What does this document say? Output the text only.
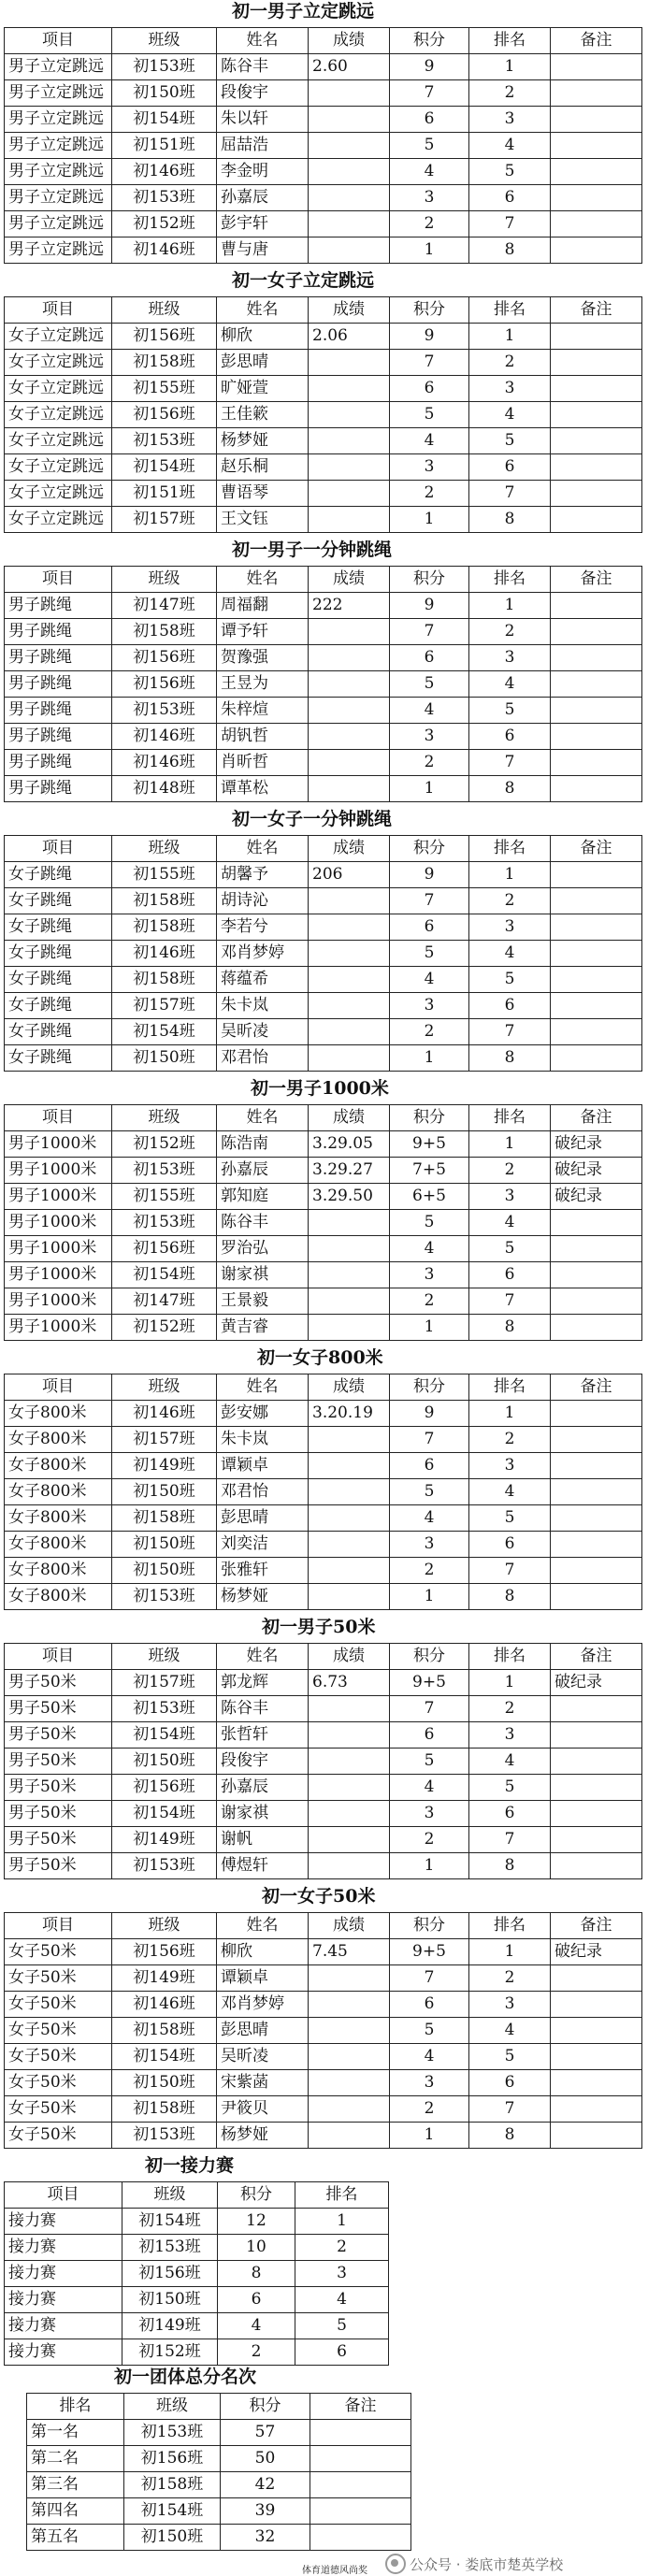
初一男子立定跳远
项目	班级	姓名	成绩	积分	排名	备注
男子立定跳远	初153班	陈谷丰	2.60	9	1	
男子立定跳远	初150班	段俊宇		7	2	
男子立定跳远	初154班	朱以轩		6	3	
男子立定跳远	初151班	屈喆浩		5	4	
男子立定跳远	初146班	李金明		4	5	
男子立定跳远	初153班	孙嘉辰		3	6	
男子立定跳远	初152班	彭宇轩		2	7	
男子立定跳远	初146班	曹与唐		1	8	
初一女子立定跳远
项目	班级	姓名	成绩	积分	排名	备注
女子立定跳远	初156班	柳欣	2.06	9	1	
女子立定跳远	初158班	彭思晴		7	2	
女子立定跳远	初155班	旷娅萱		6	3	
女子立定跳远	初156班	王佳簌		5	4	
女子立定跳远	初153班	杨梦娅		4	5	
女子立定跳远	初154班	赵乐桐		3	6	
女子立定跳远	初151班	曹语琴		2	7	
女子立定跳远	初157班	王文钰		1	8	
初一男子一分钟跳绳
项目	班级	姓名	成绩	积分	排名	备注
男子跳绳	初147班	周福翻	222	9	1	
男子跳绳	初158班	谭予轩		7	2	
男子跳绳	初156班	贺豫强		6	3	
男子跳绳	初156班	王昱为		5	4	
男子跳绳	初153班	朱梓煊		4	5	
男子跳绳	初146班	胡钒哲		3	6	
男子跳绳	初146班	肖昕哲		2	7	
男子跳绳	初148班	谭革松		1	8	
初一女子一分钟跳绳
项目	班级	姓名	成绩	积分	排名	备注
女子跳绳	初155班	胡馨予	206	9	1	
女子跳绳	初158班	胡诗沁		7	2	
女子跳绳	初158班	李若兮		6	3	
女子跳绳	初146班	邓肖梦婷		5	4	
女子跳绳	初158班	蒋蕴希		4	5	
女子跳绳	初157班	朱卡岚		3	6	
女子跳绳	初154班	吴昕凌		2	7	
女子跳绳	初150班	邓君怡		1	8	
初一男子1000米
项目	班级	姓名	成绩	积分	排名	备注
男子1000米	初152班	陈浩南	3.29.05	9+5	1	破纪录
男子1000米	初153班	孙嘉辰	3.29.27	7+5	2	破纪录
男子1000米	初155班	郭知庭	3.29.50	6+5	3	破纪录
男子1000米	初153班	陈谷丰		5	4	
男子1000米	初156班	罗治弘		4	5	
男子1000米	初154班	谢家祺		3	6	
男子1000米	初147班	王景毅		2	7	
男子1000米	初152班	黄吉睿		1	8	
初一女子800米
项目	班级	姓名	成绩	积分	排名	备注
女子800米	初146班	彭安娜	3.20.19	9	1	
女子800米	初157班	朱卡岚		7	2	
女子800米	初149班	谭颖卓		6	3	
女子800米	初150班	邓君怡		5	4	
女子800米	初158班	彭思晴		4	5	
女子800米	初150班	刘奕洁		3	6	
女子800米	初150班	张雅轩		2	7	
女子800米	初153班	杨梦娅		1	8	
初一男子50米
项目	班级	姓名	成绩	积分	排名	备注
男子50米	初157班	郭龙辉	6.73	9+5	1	破纪录
男子50米	初153班	陈谷丰		7	2	
男子50米	初154班	张哲轩		6	3	
男子50米	初150班	段俊宇		5	4	
男子50米	初156班	孙嘉辰		4	5	
男子50米	初154班	谢家祺		3	6	
男子50米	初149班	谢帆		2	7	
男子50米	初153班	傅煜轩		1	8	
初一女子50米
项目	班级	姓名	成绩	积分	排名	备注
女子50米	初156班	柳欣	7.45	9+5	1	破纪录
女子50米	初149班	谭颖卓		7	2	
女子50米	初146班	邓肖梦婷		6	3	
女子50米	初158班	彭思晴		5	4	
女子50米	初154班	吴昕凌		4	5	
女子50米	初150班	宋紫菡		3	6	
女子50米	初158班	尹筱贝		2	7	
女子50米	初153班	杨梦娅		1	8	
初一接力赛
项目	班级	积分	排名
接力赛	初154班	12	1
接力赛	初153班	10	2
接力赛	初156班	8	3
接力赛	初150班	6	4
接力赛	初149班	4	5
接力赛	初152班	2	6
初一团体总分名次
排名	班级	积分	备注
第一名	初153班	57	
第二名	初156班	50	
第三名	初158班	42	
第四名	初154班	39	
第五名	初150班	32	
体育道德风尚奖	公众号 · 娄底市楚英学校
